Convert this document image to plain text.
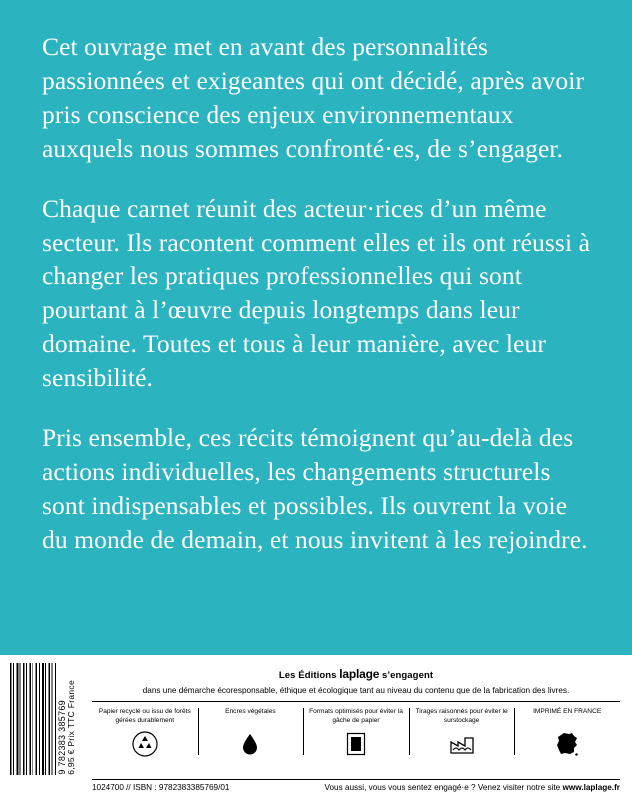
Cet ouvrage met en avant des personnalités passionnées et exigeantes qui ont décidé, après avoir pris conscience des enjeux environnementaux auxquels nous sommes confronté·es, de s’engager.

Chaque carnet réunit des acteur·rices d’un même secteur. Ils racontent comment elles et ils ont réussi à changer les pratiques professionnelles qui sont pourtant à l’œuvre depuis longtemps dans leur domaine. Toutes et tous à leur manière, avec leur sensibilité.

Pris ensemble, ces récits témoignent qu’au-delà des actions individuelles, les changements structurels sont indispensables et possibles. Ils ouvrent la voie du monde de demain, et nous invitent à les rejoindre.

9 782383 385769 6,95 € Prix TTC France
Les Éditions laplage s’engagent
dans une démarche écoresponsable, éthique et écologique tant au niveau du contenu que de la fabrication des livres.
Papier recyclé ou issu de forêts gérées durablement
Encres végétales	Formats optimisés pour éviter la gâche de papier
Tirages raisonnés pour éviter le surstockage
IMPRIMÉ EN FRANCE
1024700 // ISBN : 9782383385769/01	Vous aussi, vous vous sentez engagé·e ? Venez visiter notre site www.laplage.fr
